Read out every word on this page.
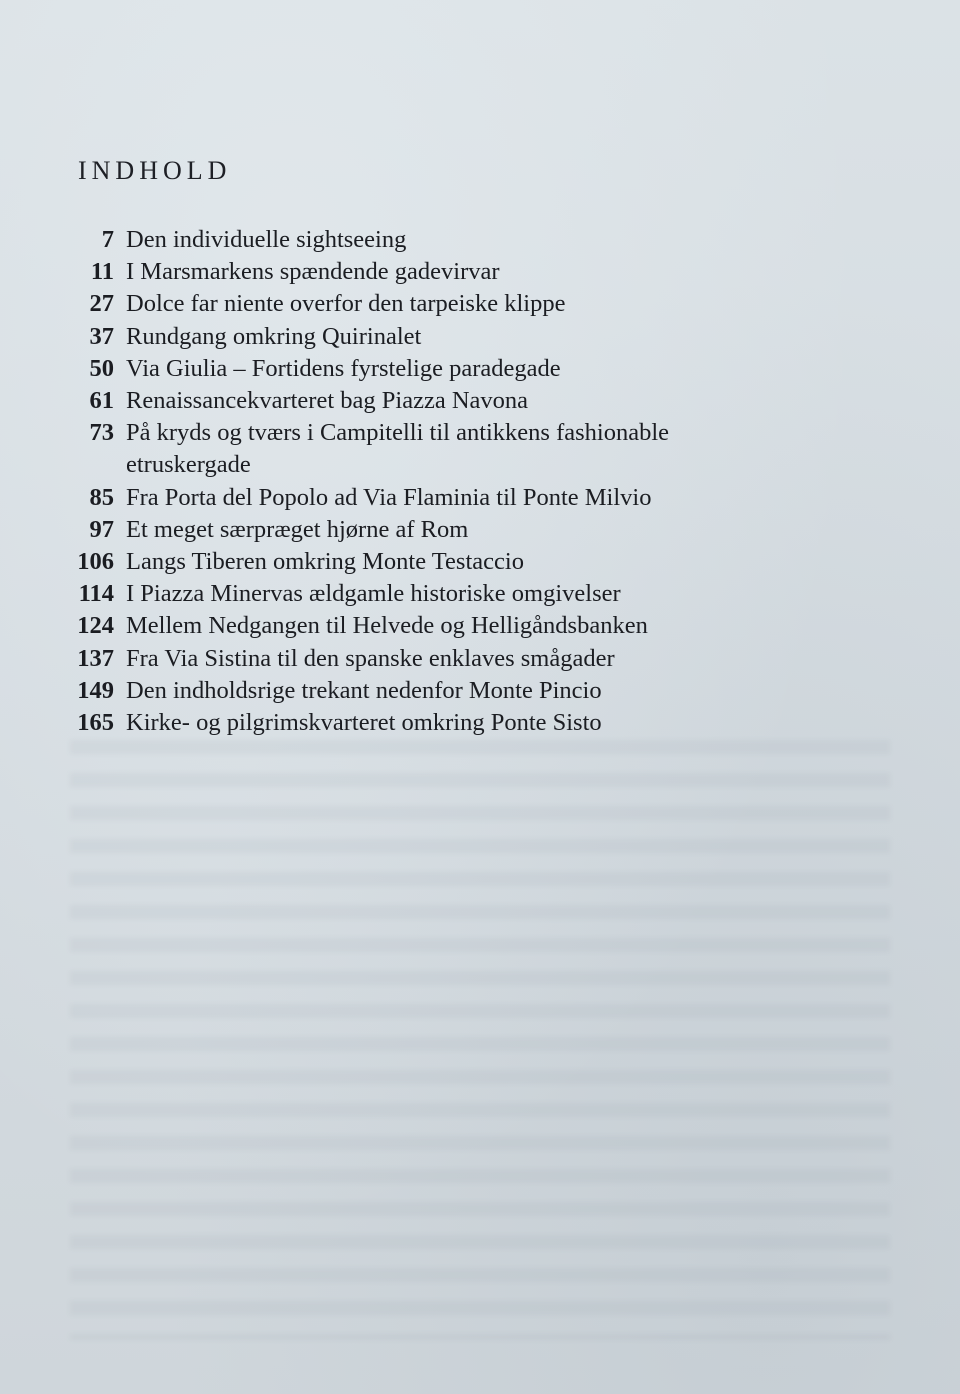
INDHOLD
7 Den individuelle sightseeing
11 I Marsmarkens spændende gadevirvar
27 Dolce far niente overfor den tarpeiske klippe
37 Rundgang omkring Quirinalet
50 Via Giulia – Fortidens fyrstelige paradegade
61 Renaissancekvarteret bag Piazza Navona
73 På kryds og tværs i Campitelli til antikkens fashionable
etruskergade
85 Fra Porta del Popolo ad Via Flaminia til Ponte Milvio
97 Et meget særpræget hjørne af Rom
106 Langs Tiberen omkring Monte Testaccio
114 I Piazza Minervas ældgamle historiske omgivelser
124 Mellem Nedgangen til Helvede og Helligåndsbanken
137 Fra Via Sistina til den spanske enklaves smågader
149 Den indholdsrige trekant nedenfor Monte Pincio
165 Kirke- og pilgrimskvarteret omkring Ponte Sisto
